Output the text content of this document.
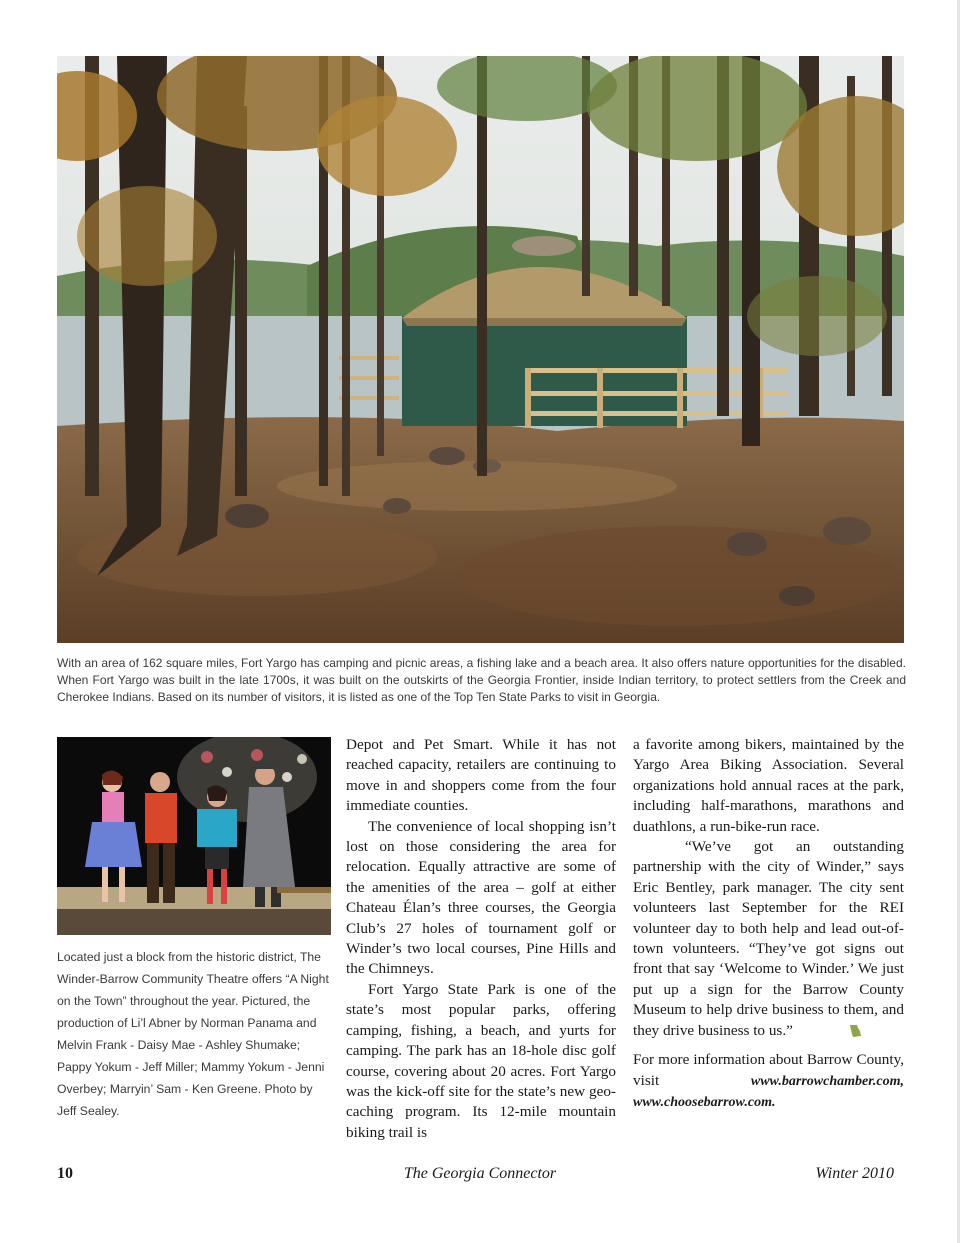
With an area of 162 square miles, Fort Yargo has camping and picnic areas, a fishing lake and a beach area. It also offers nature opportunities for the disabled. When Fort Yargo was built in the late 1700s, it was built on the outskirts of the Georgia Frontier, inside Indian territory, to protect settlers from the Creek and Cherokee Indians. Based on its number of visitors, it is listed as one of the Top Ten State Parks to visit in Georgia.

Located just a block from the historic district, The Winder-Barrow Community Theatre offers “A Night on the Town” throughout the year. Pictured, the production of Li’l Abner by Norman Panama and Melvin Frank - Daisy Mae - Ashley Shumake; Pappy Yokum - Jeff Miller; Mammy Yokum - Jenni Overbey; Marryin’ Sam - Ken Greene. Photo by Jeff Sealey.

Depot and Pet Smart. While it has not reached capacity, retailers are continuing to move in and shoppers come from the four immediate counties.

The convenience of local shopping isn’t lost on those considering the area for relocation. Equally attractive are some of the amenities of the area – golf at either Chateau Élan’s three courses, the Georgia Club’s 27 holes of tournament golf or Winder’s two local courses, Pine Hills and the Chimneys.

Fort Yargo State Park is one of the state’s most popular parks, offering camping, fishing, a beach, and yurts for camping. The park has an 18-hole disc golf course, covering about 20 acres. Fort Yargo was the kick-off site for the state’s new geo-caching program. Its 12-mile mountain biking trail is

a favorite among bikers, maintained by the Yargo Area Biking Association. Several organizations hold annual races at the park, including half-marathons, marathons and duathlons, a run-bike-run race.

“We’ve got an outstanding partnership with the city of Winder,” says Eric Bentley, park manager. The city sent volunteers last September for the REI volunteer day to both help and lead out-of-town volunteers. “They’ve got signs out front that say ‘Welcome to Winder.’ We just put up a sign for the Barrow County Museum to help drive business to them, and they drive business to us.”

For more information about Barrow County, visit	www.barrowchamber.com, www.choosebarrow.com.

10	The Georgia Connector	Winter 2010
